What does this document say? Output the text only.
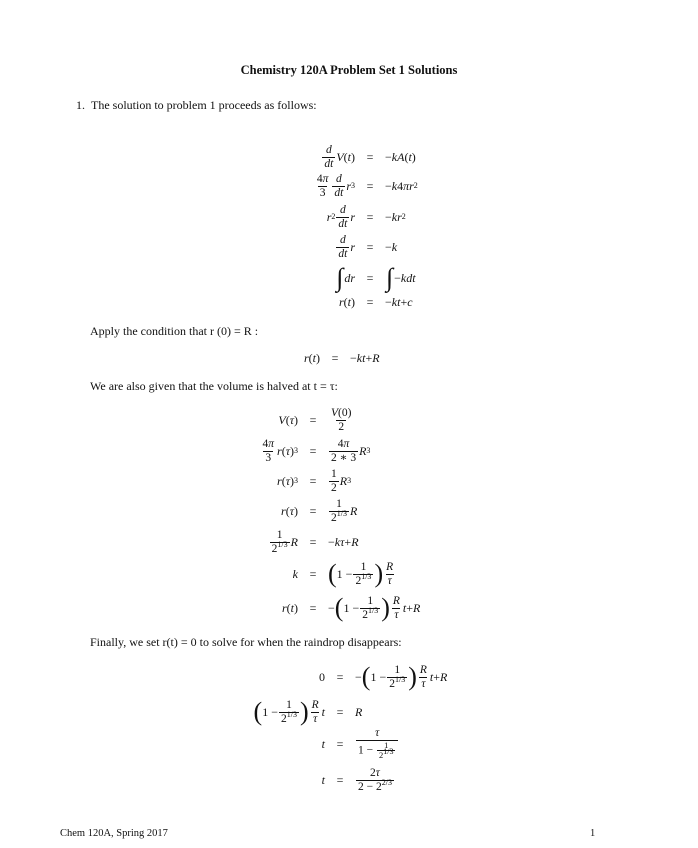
Chemistry 120A Problem Set 1 Solutions
1. The solution to problem 1 proceeds as follows:
$\frac{d}{dt}$ V ( t ) = − kA ( t )
$\frac{4\pi}{3} \frac{d}{dt}$ r 3 = − k 4 πr 2
r $2 \frac{d}{dt}$ r = − kr 2
$\frac{d}{dt}$ r = − k
∫ dr = ∫ − kdt
r ( t ) = − kt + c
Apply the condition that r (0) = R :
r ( t ) = − kt + R
We are also given that the volume is halved at t = τ:
V ( τ ) =	$\frac{V(0)}{2}$
$\frac{4\pi}{3}$ r ( τ ) 3 =	$\frac{4\pi}{2 ∗ 3}$ R 3
r ( τ ) 3 =	$\frac{1}{2}$ R 3
r ( τ ) =	$\frac{1}{2^{1/3}}$ R
$\frac{1}{2^{1/3}}$ R = − kτ + R
k = ( $1 - \frac{1}{2^{1/3}}$ ) $\frac{R}{\tau}$
r ( t ) = − ( $1 - \frac{1}{2^{1/3}}$ ) $\frac{R}{\tau}$ t + R
Finally, we set r(t) = 0 to solve for when the raindrop disappears:
0 = − ( $1 - \frac{1}{2^{1/3}}$ ) $\frac{R}{\tau}$ t + R
( $1 - \frac{1}{2^{1/3}}$ ) $\frac{R}{\tau}$ t = R
t =	$\frac{\tau}{1 - \frac{1}{2^{1/3}}}$
t =	$\frac{2\tau}{2 - 2^{2/3}}$
Chem 120A, Spring 2017	1
